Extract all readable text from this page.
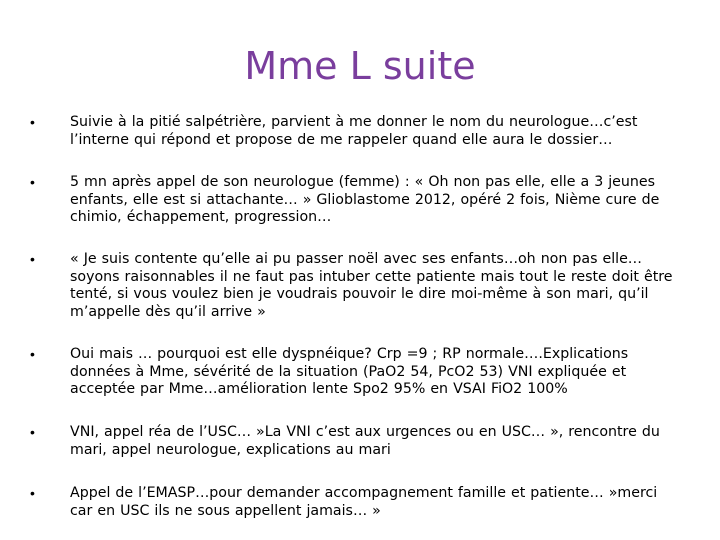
Mme L suite
• Suivie à la pitié salpétrière, parvient à me donner le nom du neurologue…c’est l’interne qui répond et propose de me rappeler quand elle aura le dossier…
• 5 mn après appel de son neurologue (femme) : « Oh non pas elle, elle a 3 jeunes enfants, elle est si attachante… » Glioblastome 2012, opéré 2 fois, Nième cure de chimio, échappement, progression…
• « Je suis contente qu’elle ai pu passer noël avec ses enfants…oh non pas elle…soyons raisonnables il ne faut pas intuber cette patiente mais tout le reste doit être tenté, si vous voulez bien je voudrais pouvoir le dire moi-même à son mari, qu’il m’appelle dès qu’il arrive »
• Oui mais … pourquoi est elle dyspnéique? Crp =9 ; RP normale….Explications données à Mme, sévérité de la situation (PaO2 54, PcO2 53) VNI expliquée et acceptée par Mme…amélioration lente Spo2 95% en VSAI FiO2 100%
• VNI, appel réa de l’USC… »La VNI c’est aux urgences ou en USC… », rencontre du mari, appel neurologue, explications au mari
• Appel de l’EMASP…pour demander accompagnement famille et patiente… »merci car en USC ils ne sous appellent jamais… »
